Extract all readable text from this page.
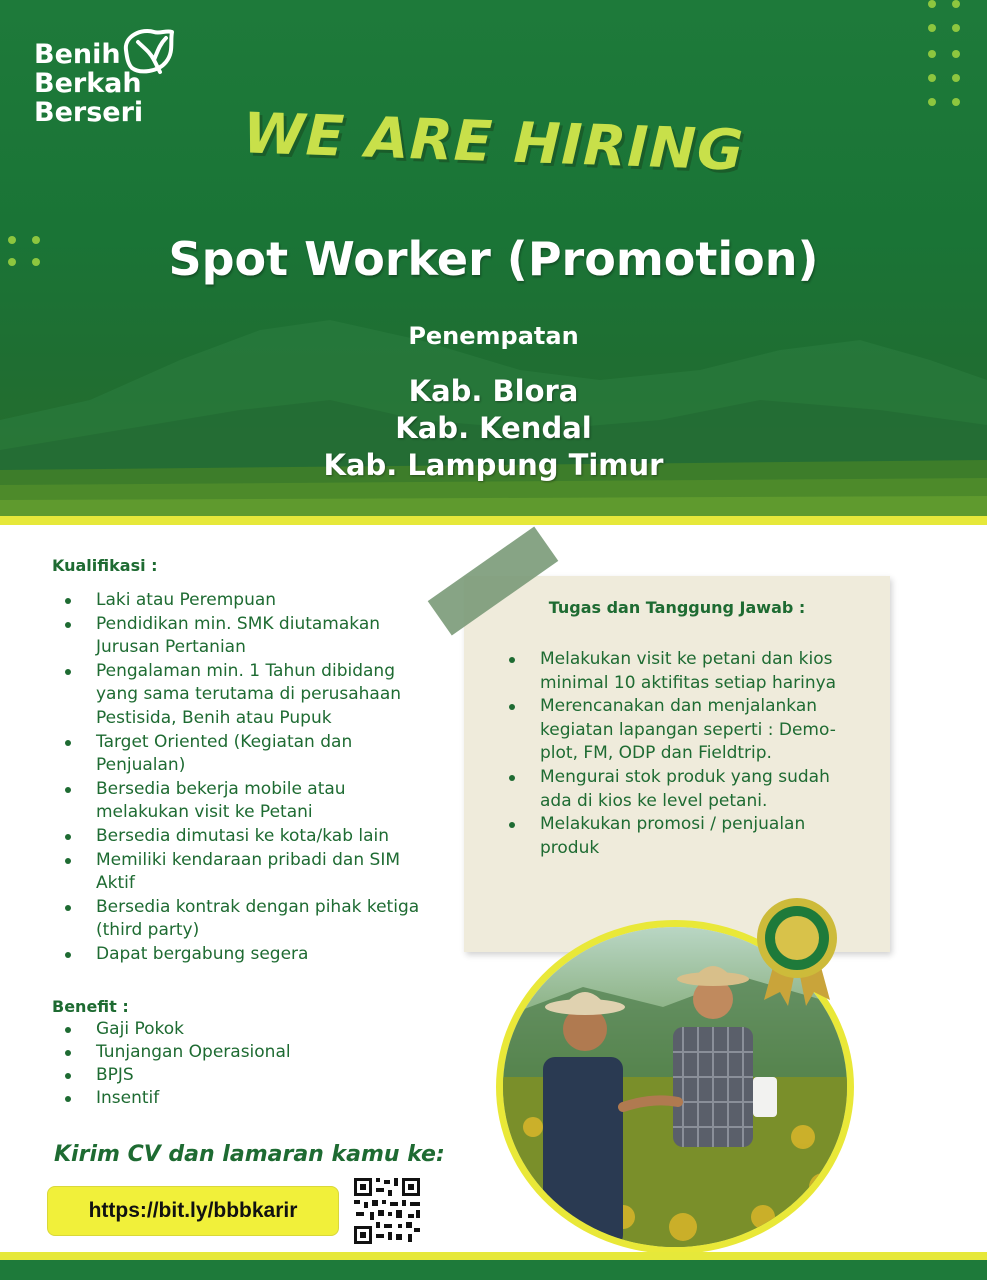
Benih
Berkah
Berseri	WE ARE HIRING
Spot Worker (Promotion)
Penempatan
Kab. Blora
Kab. Kendal
Kab. Lampung Timur
Kualifikasi :
Laki atau Perempuan
Pendidikan min. SMK diutamakan Jurusan Pertanian
Pengalaman min. 1 Tahun dibidang yang sama terutama di perusahaan Pestisida, Benih atau Pupuk
Target Oriented (Kegiatan dan Penjualan)
Bersedia bekerja mobile atau melakukan visit ke Petani
Bersedia dimutasi ke kota/kab lain
Memiliki kendaraan pribadi dan SIM Aktif
Bersedia kontrak dengan pihak ketiga (third party)
Dapat bergabung segera
Benefit :
Gaji Pokok
Tunjangan Operasional
BPJS
Insentif
Tugas dan Tanggung Jawab :
Melakukan visit ke petani dan kios minimal 10 aktifitas setiap harinya
Merencanakan dan menjalankan kegiatan lapangan seperti : Demo-plot, FM, ODP dan Fieldtrip.
Mengurai stok produk yang sudah ada di kios ke level petani.
Melakukan promosi / penjualan produk
Kirim CV dan lamaran kamu ke:
https://bit.ly/bbbkarir
